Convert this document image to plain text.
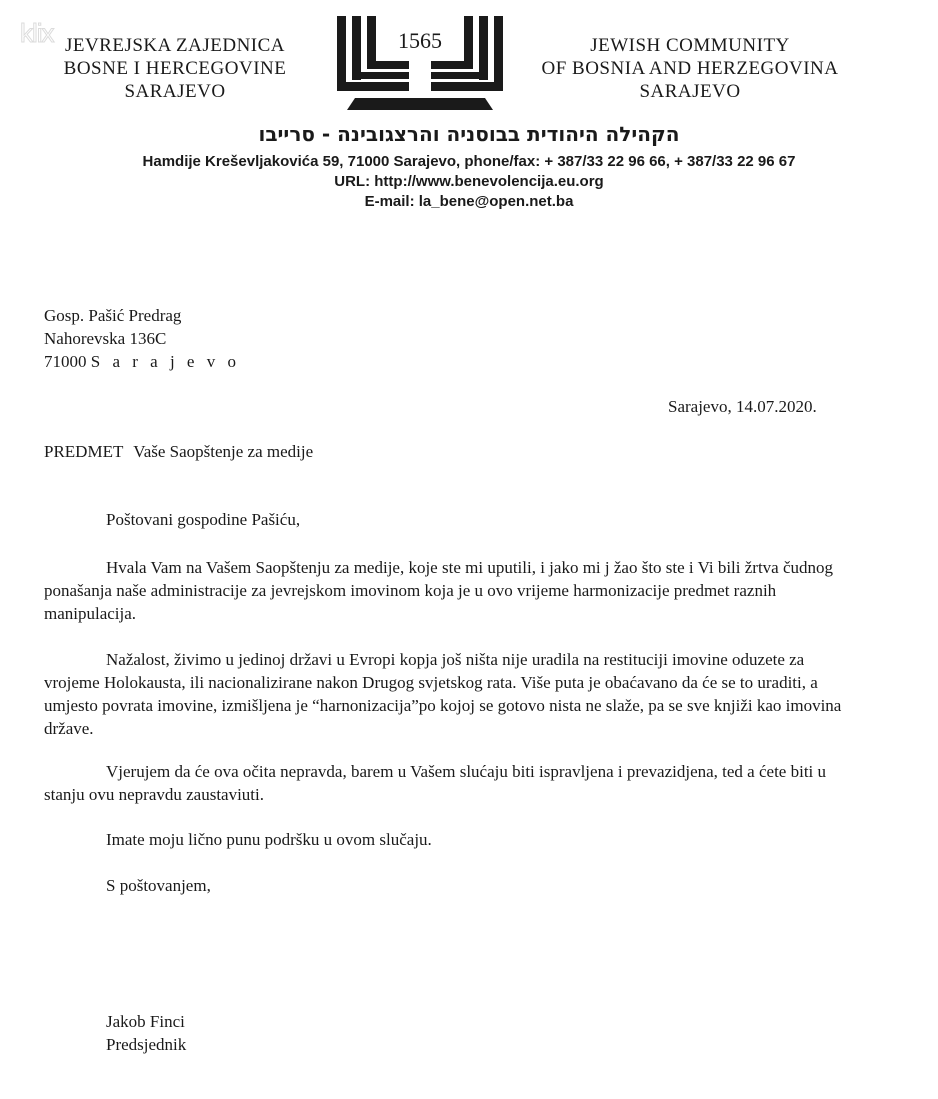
klix JEVREJSKA ZAJEDNICA
BOSNE I HERCEGOVINE
SARAJEVO
1565	JEWISH COMMUNITY
OF BOSNIA AND HERZEGOVINA
SARAJEVO
הקהילה היהודית בבוסניה והרצגובינה - סרייבו
Hamdije Kreševljakovića 59, 71000 Sarajevo, phone/fax: + 387/33 22 96 66, + 387/33 22 96 67
URL: http://www.benevolencija.eu.org
E-mail: la_bene@open.net.ba
Gosp. Pašić Predrag
Nahorevska 136C
71000 S a r a j e v o
Sarajevo, 14.07.2020.
PREDMET Vaše Saopštenje za medije
Poštovani gospodine Pašiću,
Hvala Vam na Vašem Saopštenju za medije, koje ste mi uputili, i jako mi j žao što ste i Vi bili žrtva čudnog ponašanja naše administracije za jevrejskom imovinom koja je u ovo vrijeme harmonizacije predmet raznih manipulacija.
Nažalost, živimo u jedinoj državi u Evropi kopja još ništa nije uradila na restituciji imovine oduzete za vrojeme Holokausta, ili nacionalizirane nakon Drugog svjetskog rata. Više puta je obaćavano da će se to uraditi, a umjesto povrata imovine, izmišljena je “harnonizacija”po kojoj se gotovo nista ne slaže, pa se sve knjiži kao imovina države.
Vjerujem da će ova očita nepravda, barem u Vašem slućaju biti ispravljena i prevazidjena, ted a ćete biti u stanju ovu nepravdu zaustaviuti.
Imate moju lično punu podršku u ovom slučaju.
S poštovanjem,
Jakob Finci
Predsjednik
